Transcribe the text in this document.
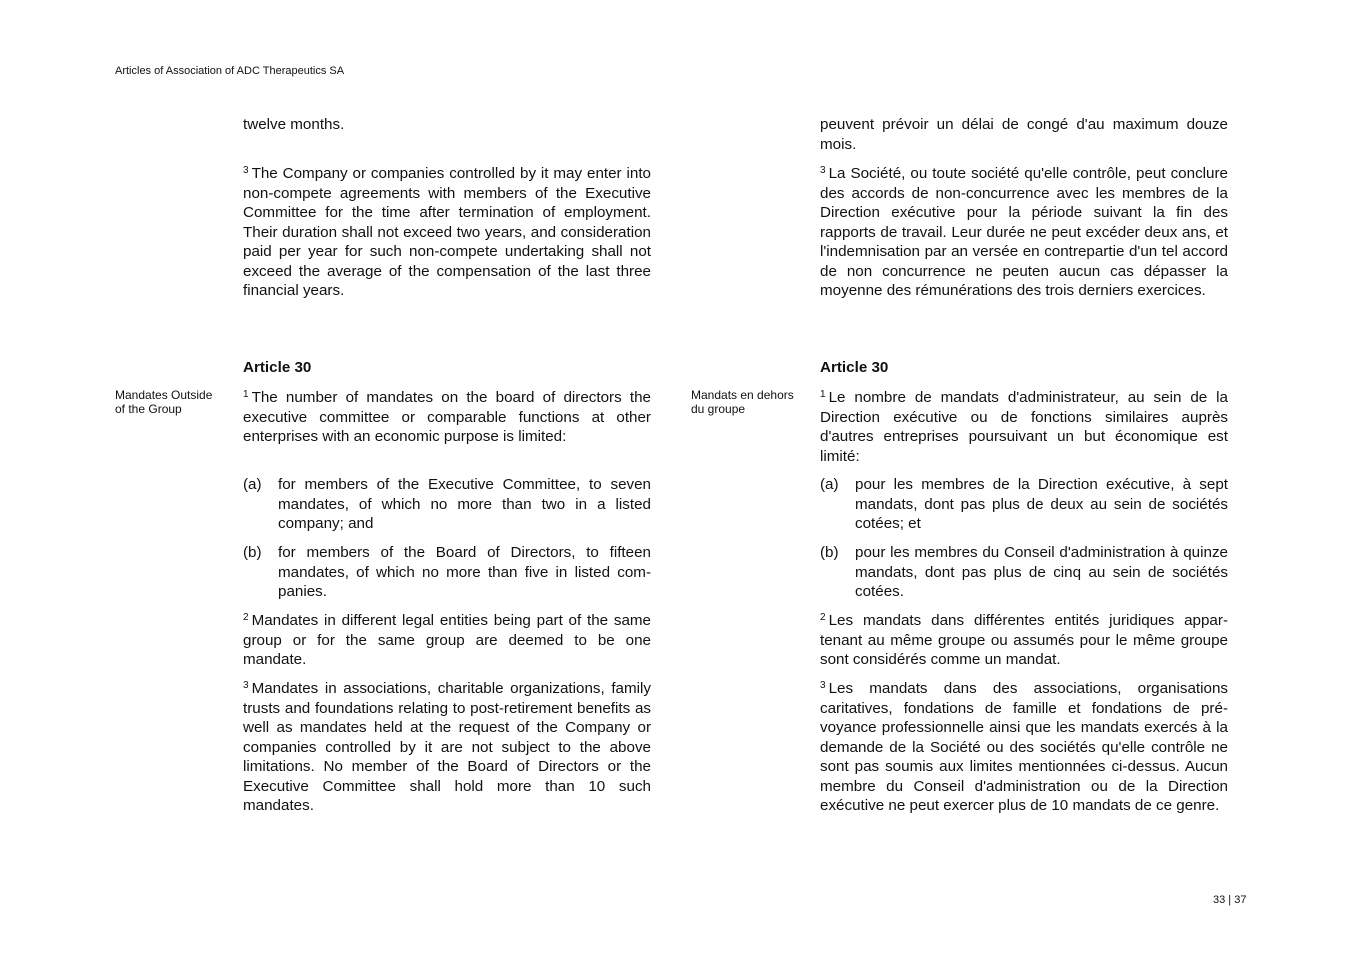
Articles of Association of ADC Therapeutics SA
twelve months.
$^3$ The Company or companies controlled by it may enter into non-compete agreements with members of the Executive Committee for the time after termination of employment. Their duration shall not exceed two years, and consideration paid per year for such non-compete undertaking shall not exceed the average of the compensation of the last three financial years.
Article 30
Mandates Outside of the Group
$^1$ The number of mandates on the board of directors the executive committee or comparable functions at other enterprises with an economic purpose is limited:
(a)	for members of the Executive Committee, to seven mandates, of which no more than two in a listed company; and
(b)	for members of the Board of Directors, to fifteen mandates, of which no more than five in listed companies.
$^2$ Mandates in different legal entities being part of the same group or for the same group are deemed to be one mandate.
$^3$ Mandates in associations, charitable organizations, family trusts and foundations relating to post-retirement benefits as well as mandates held at the request of the Company or companies controlled by it are not subject to the above limitations. No member of the Board of Directors or the Executive Committee shall hold more than 10 such mandates.
peuvent prévoir un délai de congé d'au maximum douze mois.
$^3$ La Société, ou toute société qu'elle contrôle, peut conclure des accords de non-concurrence avec les membres de la Direction exécutive pour la période suivant la fin des rapports de travail. Leur durée ne peut excéder deux ans, et l'indemnisation par an versée en contrepartie d'un tel accord de non concurrence ne peuten aucun cas dépasser la moyenne des rémunérations des trois derniers exercices.
Article 30
Mandats en dehors du groupe
$^1$ Le nombre de mandats d'administrateur, au sein de la Direction exécutive ou de fonctions similaires auprès d'autres entreprises poursuivant un but économique est limité:
(a)	pour les membres de la Direction exécutive, à sept mandats, dont pas plus de deux au sein de sociétés cotées; et
(b)	pour les membres du Conseil d'administration à quinze mandats, dont pas plus de cinq au sein de sociétés cotées.
$^2$ Les mandats dans différentes entités juridiques appartenant au même groupe ou assumés pour le même groupe sont considérés comme un mandat.
$^3$ Les mandats dans des associations, organisations caritatives, fondations de famille et fondations de prévoyance professionnelle ainsi que les mandats exercés à la demande de la Société ou des sociétés qu'elle contrôle ne sont pas soumis aux limites mentionnées ci-dessus. Aucun membre du Conseil d'administration ou de la Direction exécutive ne peut exercer plus de 10 mandats de ce genre.
33 | 37
